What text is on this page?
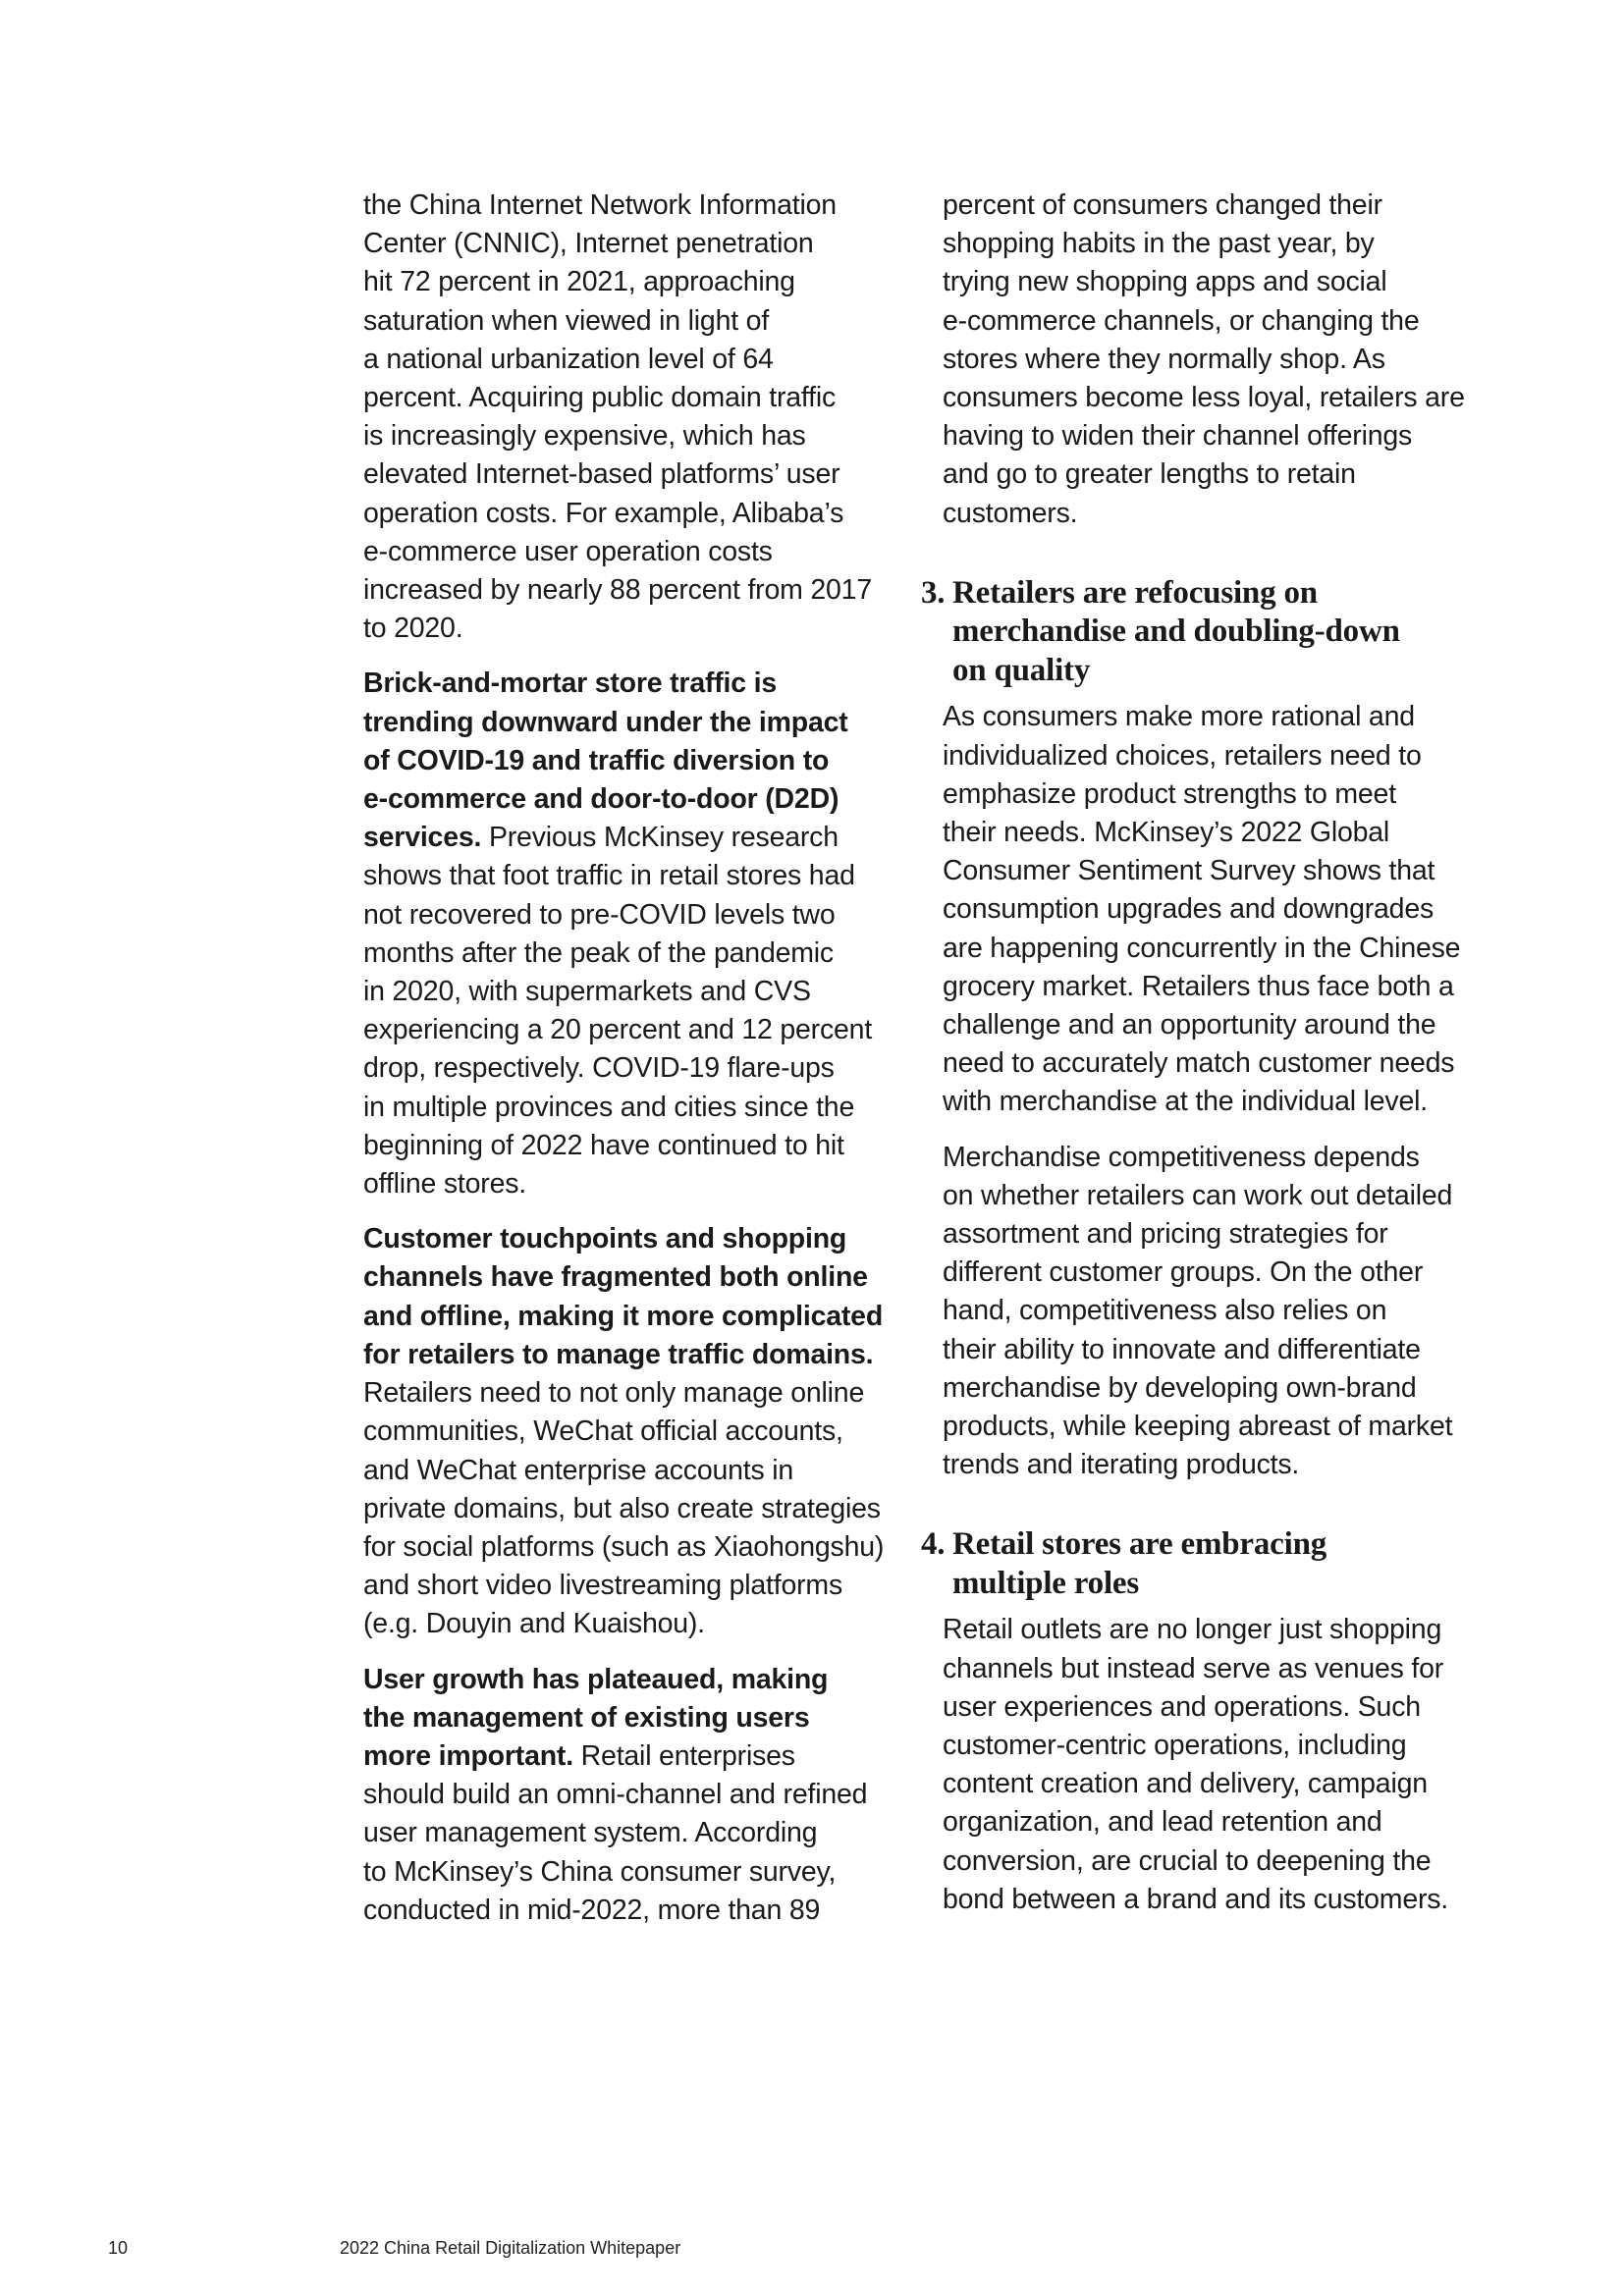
the China Internet Network Information
Center (CNNIC), Internet penetration
hit 72 percent in 2021, approaching
saturation when viewed in light of
a national urbanization level of 64
percent. Acquiring public domain traffic
is increasingly expensive, which has
elevated Internet-based platforms’ user
operation costs. For example, Alibaba’s
e-commerce user operation costs
increased by nearly 88 percent from 2017
to 2020.

Brick-and-mortar store traffic is
trending downward under the impact
of COVID-19 and traffic diversion to
e-commerce and door-to-door (D2D)
services. Previous McKinsey research
shows that foot traffic in retail stores had
not recovered to pre-COVID levels two
months after the peak of the pandemic
in 2020, with supermarkets and CVS
experiencing a 20 percent and 12 percent
drop, respectively. COVID-19 flare-ups
in multiple provinces and cities since the
beginning of 2022 have continued to hit
offline stores.

Customer touchpoints and shopping
channels have fragmented both online
and offline, making it more complicated
for retailers to manage traffic domains.
Retailers need to not only manage online
communities, WeChat official accounts,
and WeChat enterprise accounts in
private domains, but also create strategies
for social platforms (such as Xiaohongshu)
and short video livestreaming platforms
(e.g. Douyin and Kuaishou).

User growth has plateaued, making
the management of existing users
more important. Retail enterprises
should build an omni-channel and refined
user management system. According
to McKinsey’s China consumer survey,
conducted in mid-2022, more than 89

percent of consumers changed their
shopping habits in the past year, by
trying new shopping apps and social
e-commerce channels, or changing the
stores where they normally shop. As
consumers become less loyal, retailers are
having to widen their channel offerings
and go to greater lengths to retain
customers.

3. Retailers are refocusing on
merchandise and doubling-down
on quality

As consumers make more rational and
individualized choices, retailers need to
emphasize product strengths to meet
their needs. McKinsey’s 2022 Global
Consumer Sentiment Survey shows that
consumption upgrades and downgrades
are happening concurrently in the Chinese
grocery market. Retailers thus face both a
challenge and an opportunity around the
need to accurately match customer needs
with merchandise at the individual level.

Merchandise competitiveness depends
on whether retailers can work out detailed
assortment and pricing strategies for
different customer groups. On the other
hand, competitiveness also relies on
their ability to innovate and differentiate
merchandise by developing own-brand
products, while keeping abreast of market
trends and iterating products.

4. Retail stores are embracing
multiple roles

Retail outlets are no longer just shopping
channels but instead serve as venues for
user experiences and operations. Such
customer-centric operations, including
content creation and delivery, campaign
organization, and lead retention and
conversion, are crucial to deepening the
bond between a brand and its customers.

10	2022 China Retail Digitalization Whitepaper
